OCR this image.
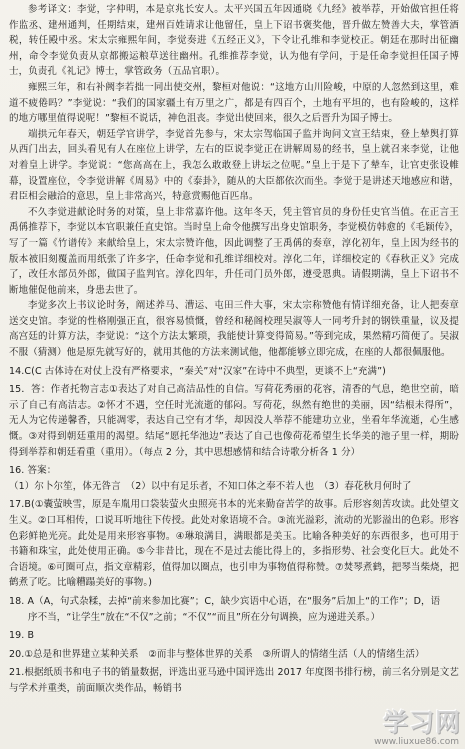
参考译文：李觉，字仲明，本是京兆长安人。太平兴国五年因通晓《九经》被举荐，开始做官担任将作监丞、建州通判，任期结束，建州百姓请求让他留任，皇上下诏书褒奖他，晋升做左赞善大夫，掌管酒税，转任殿中丞。宋太宗雍熙年间，李觉奏进《五经正义》，下令让孔维和李觉校正。朝廷在那时出征幽州，命令李觉负责从京都搬运粮草送往幽州。孔维推荐李觉，认为他有学问，于是任命李觉担任国子博士，负责孔《礼记》博士，掌管政务（五品官职）。

雍熙三年，和右补阙李若拙一同出使交州，黎桓对他说：“这地方山川险峻，中原的人忽然到这里，难道不疲倦吗？”李觉说：“我们的国家疆土有万里之广，都是有四百个，土地有平坦的，也有险峻的，这样的地方哪里值得说呢！”黎桓不说话，神色沮丧。李觉出使回来，很久之后晋升为国子博士。

端拱元年春天，朝廷学官讲学，李觉首先参与，宋太宗驾临国子监并询问文宣王结束，登上辇舆打算从西门出去，回头看见有人在座位上讲学，左右的臣说李觉正在讲解周易的经书，皇上就召来李觉，让他对着皇上讲学。李觉说：“您高高在上，我怎么敢敢登上讲坛之位呢。”皇上于是下了辇车，让官吏张设帷幕，设置座位，令李觉讲解《周易》中的《泰卦》，随从的大臣都依次而坐。李觉于是讲述天地感应和谐，君臣相会融洽的意思，皇上非常高兴，特意赏赐他百匹帛。

不久李觉进献论时务的对策，皇上非常嘉许他。这年冬天，凭主管官员的身份任史官当值。在正言王禹偁推荐下，李觉以本官职兼任直史馆。当时皇上命令他撰写出身史馆职务，李觉模仿韩愈的《毛颖传》，写了一篇《竹谱传》来献给皇上，宋太宗赞许他，因此调整了王禹偁的奏章，淳化初年，皇上因为经书的版本被旧刻覆盖而用纸张了许多字，任命李觉和孔维详细校对。淳化二年，详细校定的《春秋正义》完成了，改任水部员外郎，做国子监判官。淳化四年，升任司门员外郎，遵受恩典。请假期满，皇上下诏书不断地催促他前来，身患去世了。

李觉多次上书议论时务，阐述养马、漕运、屯田三件大事，宋太宗称赞他有情详细充备，让人把奏章送交史馆。李觉的性格刚强正直，很容易愤慨，曾经和秘阁校理吴淑等人一同考升封的钢铁重量，议及提高宫廷的计算方法，李觉说：“这个方法太繁琐，我能使计算变得简易。”等到完成，果然精巧简便了。吴淑不服（猜测）他是原先就写好的，就用其他的方法来测试他，他都能够立即完成，在座的人都很佩服他。

14.C(C 古体诗在对仗上没有严格要求，“秦关”对“汉家”在诗中不典型，更谈不上“充满”)

15．答：作者托物言志①表达了对自己高洁品性的自信。写荷花秀丽的花容，清香的气息，绝世空前，暗示了自己有高洁志。②怀才不遇，空任时光流逝的郁闷。写荷花，纵然有绝世的美丽，因“结根未得所”，无人为它传递馨香，只能凋零，表达自己空有才华，却因没人举荐不能建功立业，坐看年华流逝，心生感慨。③对得到朝廷重用的渴望。结尾“愿托华池边”表达了自己也像荷花希望生长华美的池子里一样，期盼得到举荐和朝廷看重（重用）。（每点 2 分，其中思想感情和结合诗歌分析各 1 分）

16. 答案：

（1）尔卜尔笙，体无咎言　（2）以中有足乐者，不知口体之奉不若人也　（3）春花秋月何时了

17.B(①囊萤映雪，原是车胤用口袋装萤火虫照亮书本的光来勤奋苦学的故事。后形容刻苦攻读。此处望文生义。②口耳相传，口说耳听地往下传授。此处对象语境不合。③流光溢彩，流动的光影溢出的色彩。形容色彩鲜艳光亮。此处是用来形容事物。④琳琅满目，满眼都是美玉。比喻各种美好的东西很多，也可用于书籍和珠宝，此处使用正确。⑤今非昔比，现在不是过去能比得上的，多指形势、社会变化巨大。此处不合语境。⑥可圈可点，指文章精彩，值得加以圈点，也引申为事物值得称赞。⑦焚琴煮鹤，把琴当柴烧，把鹤煮了吃。比喻糟蹋美好的事物。)

18. A（A，句式杂糅，去掉“前来参加比赛”；C，缺少宾语中心语，在“服务”后加上“的工作”；D，语

序不当，“让学生”放在“不仅”之前；“不仅”“而且”所在分句调换，应为递进关系。）

19. B

20.①总是和世界建立某种关系　②而非与整体世界的关系　③所谓人的情绪生活（人的情绪生活）

21.根据纸质书和电子书的销量数据，评选出亚马逊中国评选出 2017 年度图书排行榜，前三名分别是文艺与学术并重类，前面顺次类作品，畅销书

学习网
www.liuxue86.com
